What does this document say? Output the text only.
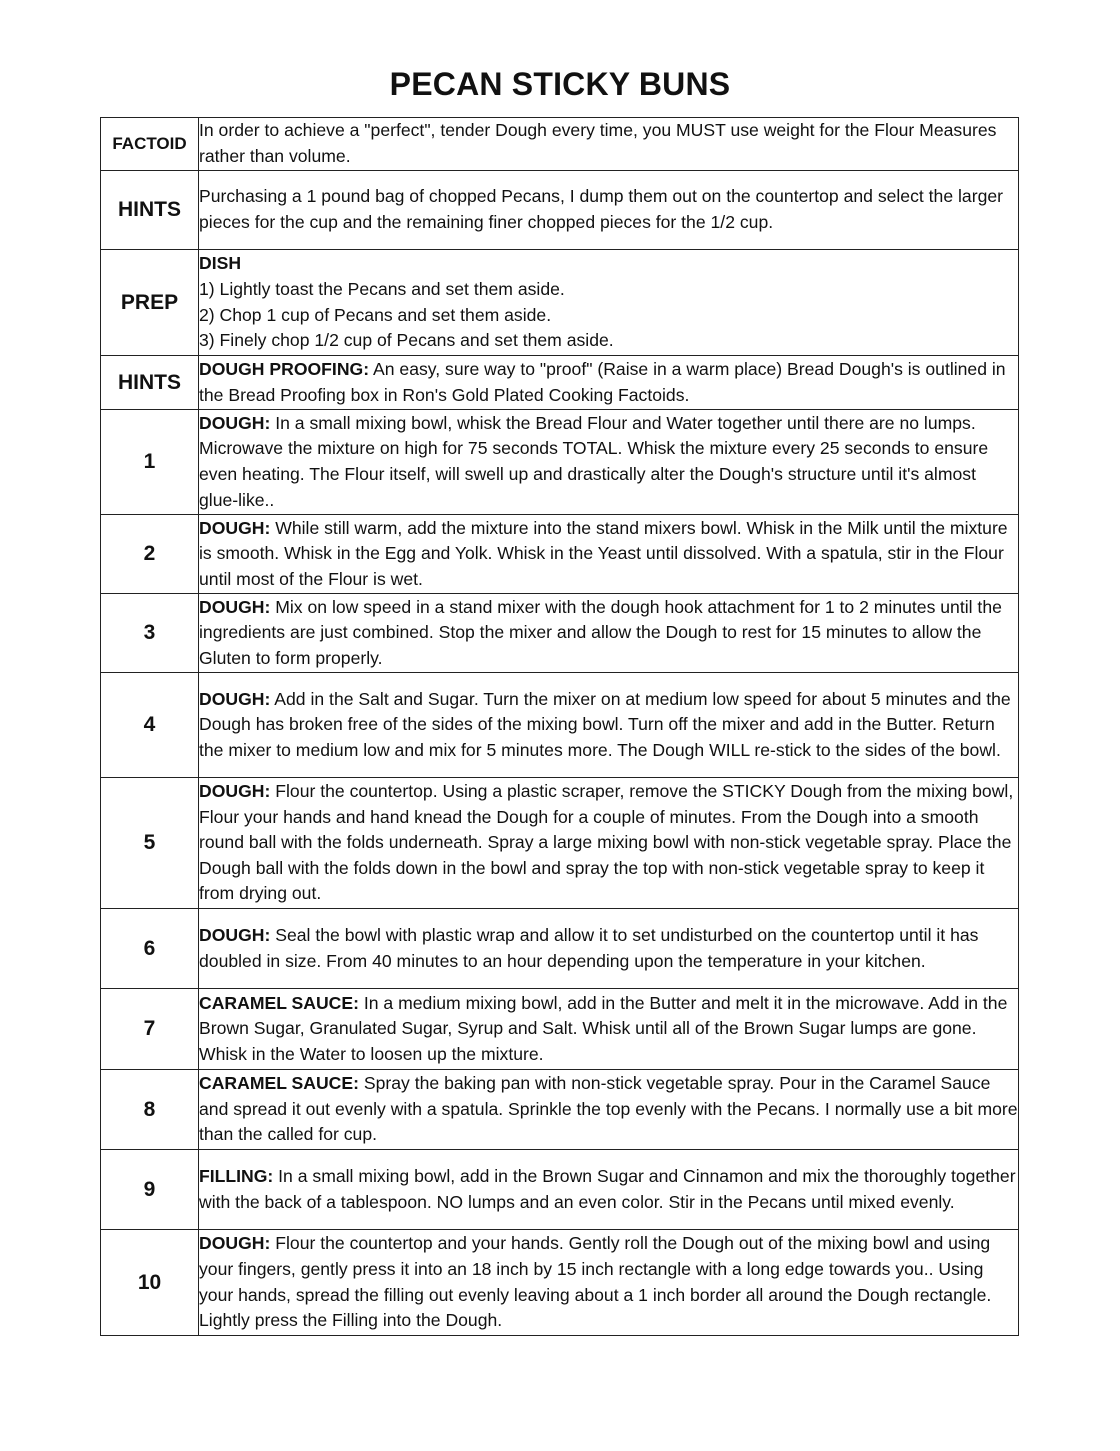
PECAN STICKY BUNS
FACTOID	In order to achieve a "perfect", tender Dough every time, you MUST use weight for the Flour Measures rather than volume.
HINTS	Purchasing a 1 pound bag of chopped Pecans, I dump them out on the countertop and select the larger pieces for the cup and the remaining finer chopped pieces for the 1/2 cup.
PREP	DISH
1) Lightly toast the Pecans and set them aside.
2) Chop 1 cup of Pecans and set them aside.
3) Finely chop 1/2 cup of Pecans and set them aside.

HINTS	DOUGH PROOFING: An easy, sure way to "proof" (Raise in a warm place) Bread Dough's is outlined in the Bread Proofing box in Ron's Gold Plated Cooking Factoids.
1	DOUGH: In a small mixing bowl, whisk the Bread Flour and Water together until there are no lumps. Microwave the mixture on high for 75 seconds TOTAL. Whisk the mixture every 25 seconds to ensure even heating. The Flour itself, will swell up and drastically alter the Dough's structure until it's almost glue-like..
2	DOUGH: While still warm, add the mixture into the stand mixers bowl. Whisk in the Milk until the mixture is smooth. Whisk in the Egg and Yolk. Whisk in the Yeast until dissolved. With a spatula, stir in the Flour until most of the Flour is wet.
3	DOUGH: Mix on low speed in a stand mixer with the dough hook attachment for 1 to 2 minutes until the ingredients are just combined. Stop the mixer and allow the Dough to rest for 15 minutes to allow the Gluten to form properly.
4	DOUGH: Add in the Salt and Sugar. Turn the mixer on at medium low speed for about 5 minutes and the Dough has broken free of the sides of the mixing bowl. Turn off the mixer and add in the Butter. Return the mixer to medium low and mix for 5 minutes more. The Dough WILL re-stick to the sides of the bowl.
5	DOUGH: Flour the countertop. Using a plastic scraper, remove the STICKY Dough from the mixing bowl, Flour your hands and hand knead the Dough for a couple of minutes. From the Dough into a smooth round ball with the folds underneath. Spray a large mixing bowl with non-stick vegetable spray. Place the Dough ball with the folds down in the bowl and spray the top with non-stick vegetable spray to keep it from drying out.
6	DOUGH: Seal the bowl with plastic wrap and allow it to set undisturbed on the countertop until it has doubled in size. From 40 minutes to an hour depending upon the temperature in your kitchen.
7	CARAMEL SAUCE: In a medium mixing bowl, add in the Butter and melt it in the microwave. Add in the Brown Sugar, Granulated Sugar, Syrup and Salt. Whisk until all of the Brown Sugar lumps are gone. Whisk in the Water to loosen up the mixture.
8	CARAMEL SAUCE: Spray the baking pan with non-stick vegetable spray. Pour in the Caramel Sauce and spread it out evenly with a spatula. Sprinkle the top evenly with the Pecans. I normally use a bit more than the called for cup.
9	FILLING: In a small mixing bowl, add in the Brown Sugar and Cinnamon and mix the thoroughly together with the back of a tablespoon. NO lumps and an even color. Stir in the Pecans until mixed evenly.
10	DOUGH: Flour the countertop and your hands. Gently roll the Dough out of the mixing bowl and using your fingers, gently press it into an 18 inch by 15 inch rectangle with a long edge towards you.. Using your hands, spread the filling out evenly leaving about a 1 inch border all around the Dough rectangle. Lightly press the Filling into the Dough.
